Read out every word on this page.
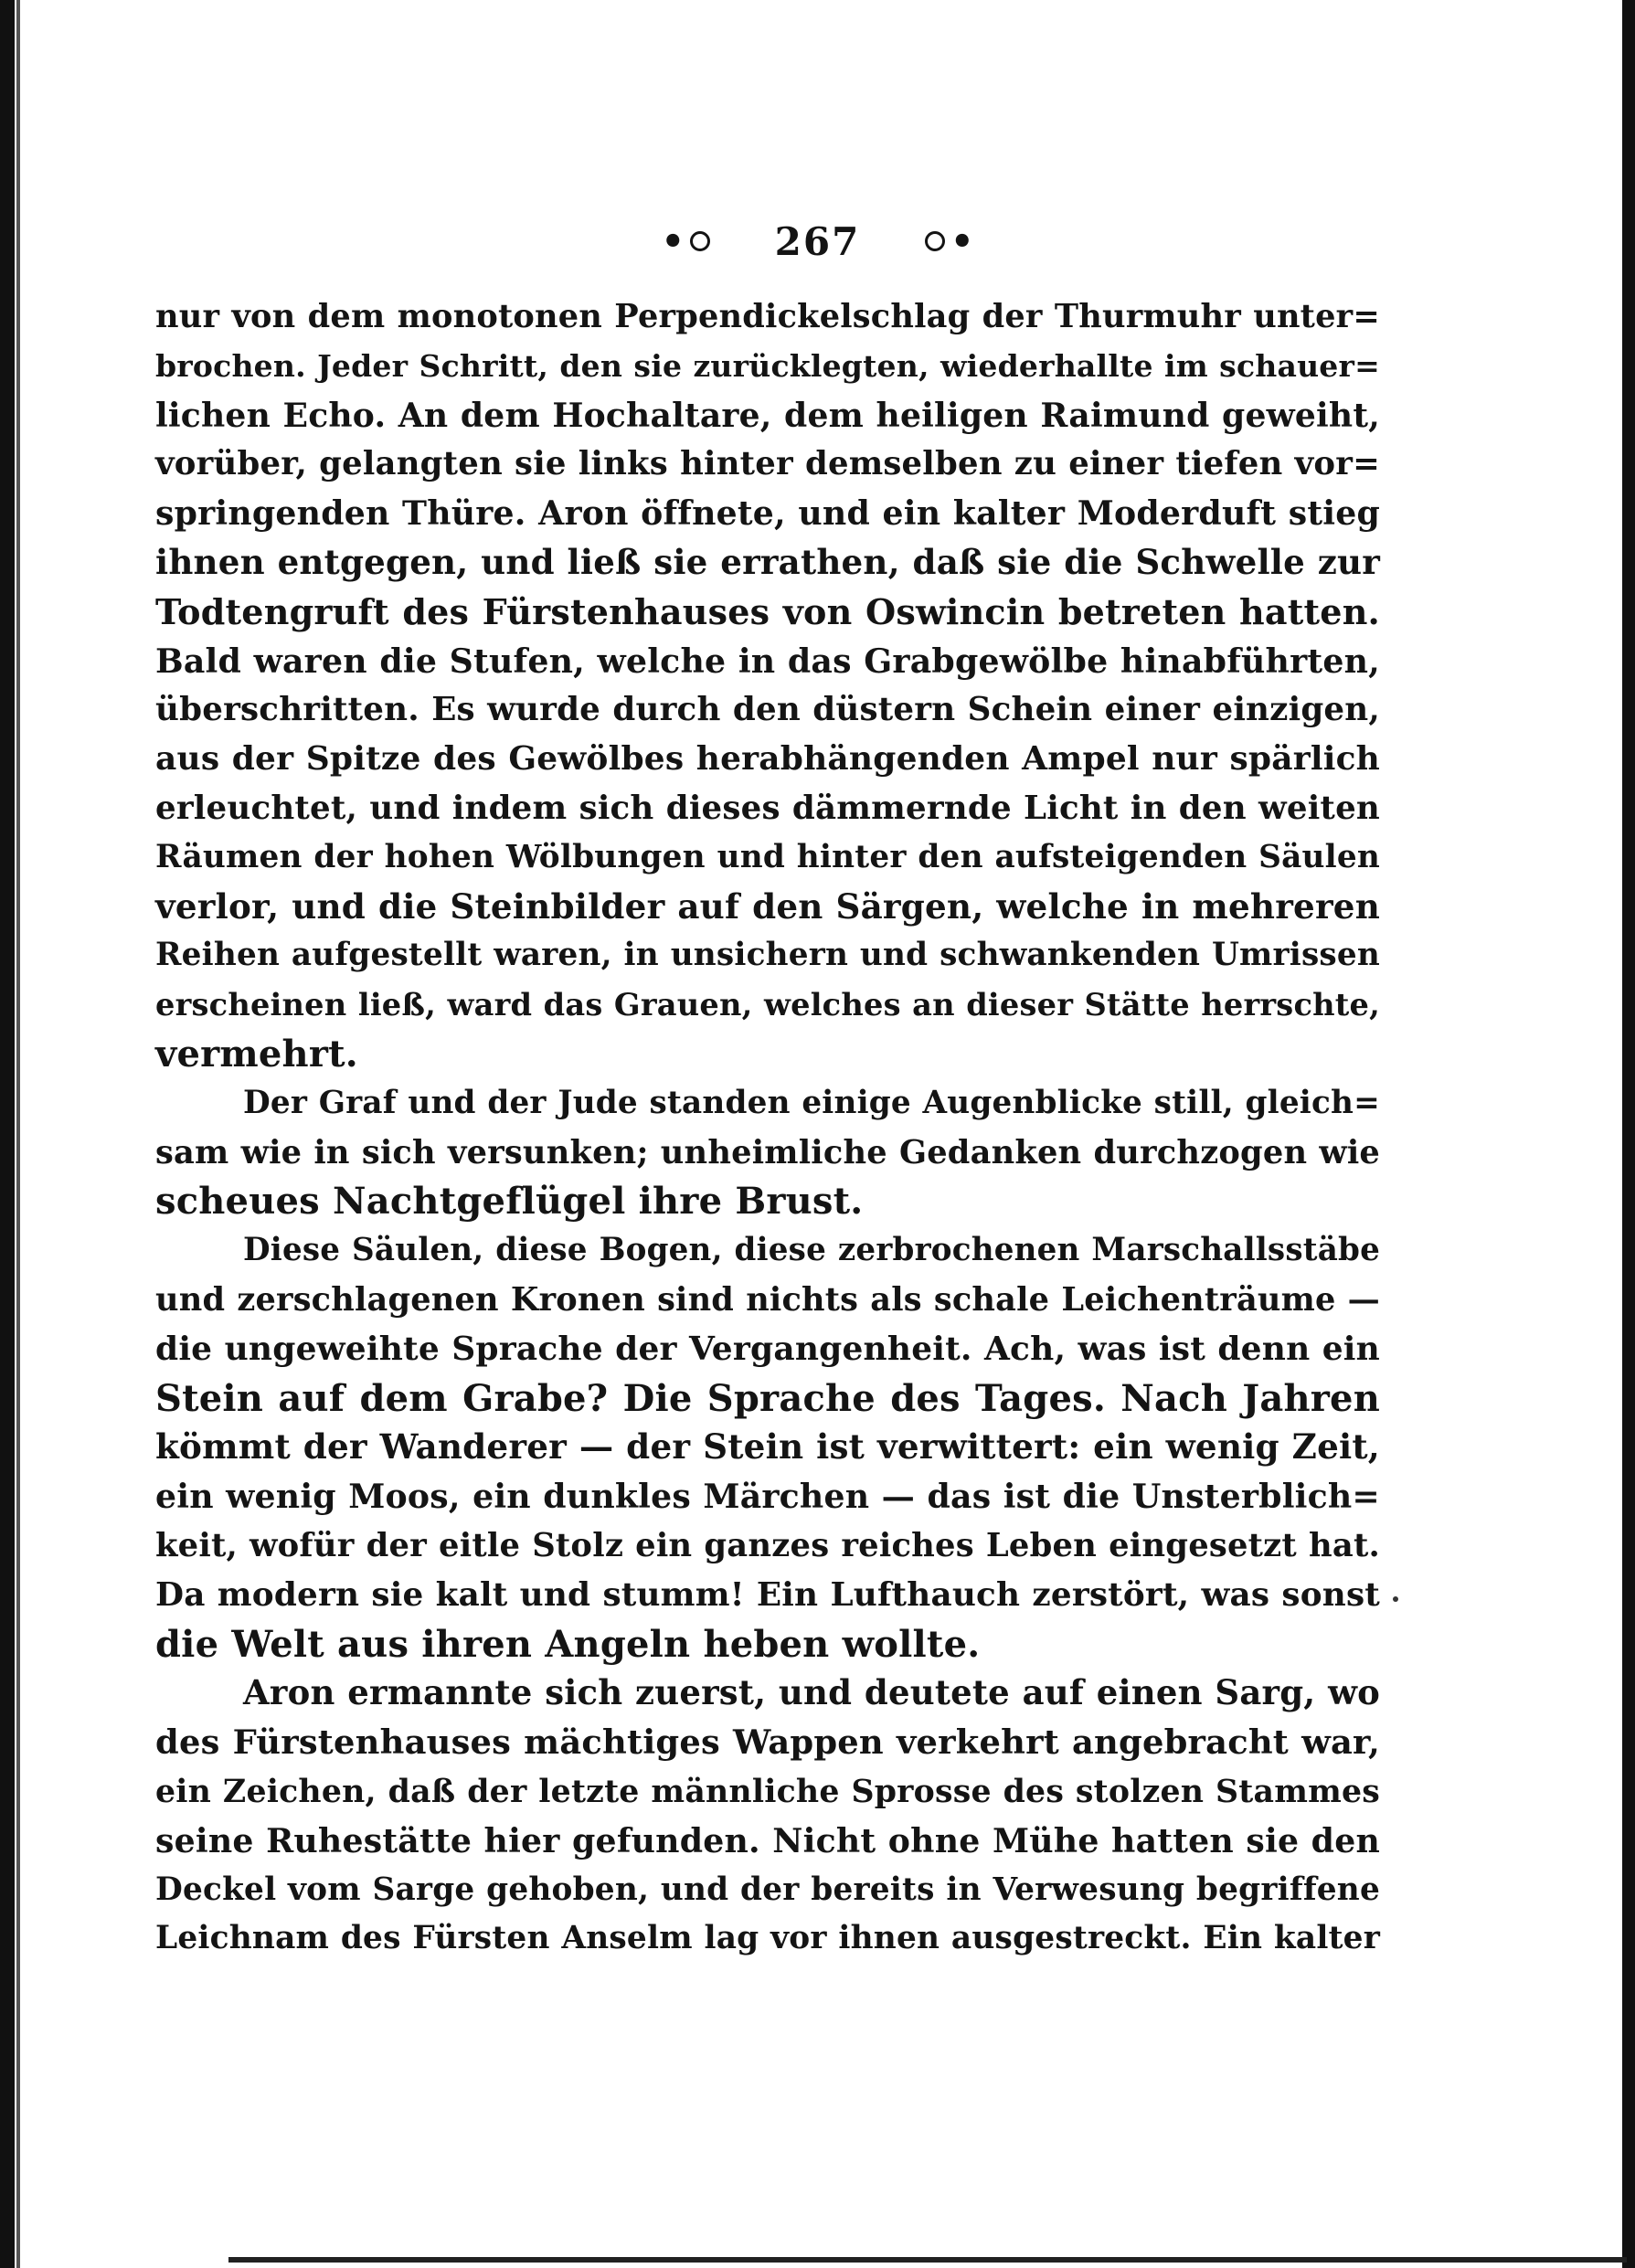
• 267 •
nur von dem monotonen Perpendickelschlag der Thurmuhr unter=
brochen. Jeder Schritt, den sie zurücklegten, wiederhallte im schauer=
lichen Echo. An dem Hochaltare, dem heiligen Raimund geweiht,
vorüber, gelangten sie links hinter demselben zu einer tiefen vor=
springenden Thüre. Aron öffnete, und ein kalter Moderduft stieg
ihnen entgegen, und ließ sie errathen, daß sie die Schwelle zur
Todtengruft des Fürstenhauses von Oswincin betreten hatten.
Bald waren die Stufen, welche in das Grabgewölbe hinabführten,
überschritten. Es wurde durch den düstern Schein einer einzigen,
aus der Spitze des Gewölbes herabhängenden Ampel nur spärlich
erleuchtet, und indem sich dieses dämmernde Licht in den weiten
Räumen der hohen Wölbungen und hinter den aufsteigenden Säulen
verlor, und die Steinbilder auf den Särgen, welche in mehreren
Reihen aufgestellt waren, in unsichern und schwankenden Umrissen
erscheinen ließ, ward das Grauen, welches an dieser Stätte herrschte,
vermehrt.
Der Graf und der Jude standen einige Augenblicke still, gleich=
sam wie in sich versunken; unheimliche Gedanken durchzogen wie
scheues Nachtgeflügel ihre Brust.
Diese Säulen, diese Bogen, diese zerbrochenen Marschallsstäbe
und zerschlagenen Kronen sind nichts als schale Leichenträume —
die ungeweihte Sprache der Vergangenheit. Ach, was ist denn ein
Stein auf dem Grabe? Die Sprache des Tages. Nach Jahren
kömmt der Wanderer — der Stein ist verwittert: ein wenig Zeit,
ein wenig Moos, ein dunkles Märchen — das ist die Unsterblich=
keit, wofür der eitle Stolz ein ganzes reiches Leben eingesetzt hat.
Da modern sie kalt und stumm! Ein Lufthauch zerstört, was sonst
die Welt aus ihren Angeln heben wollte.
Aron ermannte sich zuerst, und deutete auf einen Sarg, wo
des Fürstenhauses mächtiges Wappen verkehrt angebracht war,
ein Zeichen, daß der letzte männliche Sprosse des stolzen Stammes
seine Ruhestätte hier gefunden. Nicht ohne Mühe hatten sie den
Deckel vom Sarge gehoben, und der bereits in Verwesung begriffene
Leichnam des Fürsten Anselm lag vor ihnen ausgestreckt. Ein kalter
